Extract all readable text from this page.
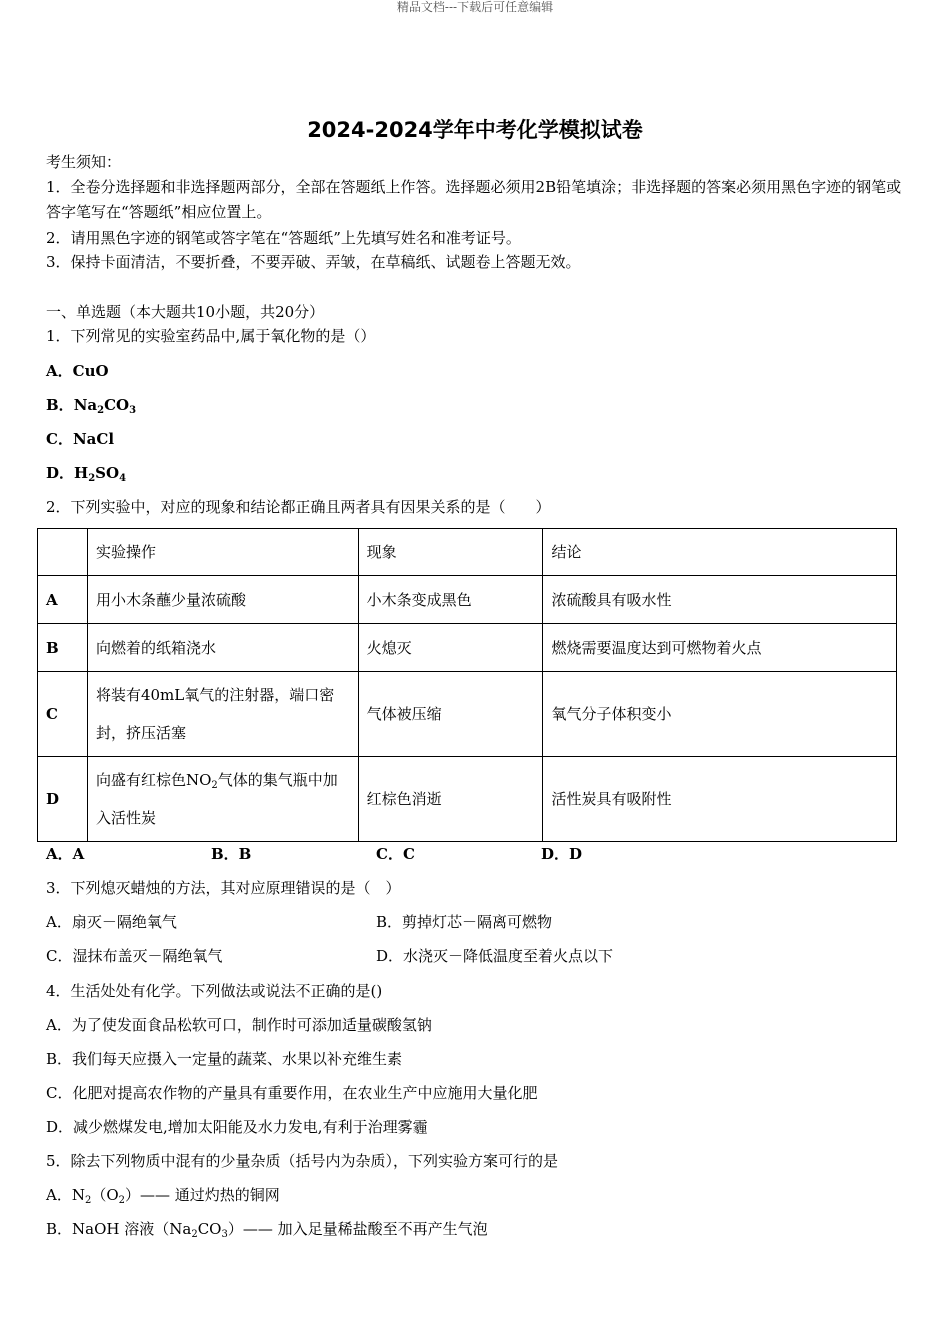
精品文档---下载后可任意编辑
2024-2024学年中考化学模拟试卷
考生须知：
1．全卷分选择题和非选择题两部分，全部在答题纸上作答。选择题必须用2B铅笔填涂；非选择题的答案必须用黑色字迹的钢笔或答字笔写在“答题纸”相应位置上。
2．请用黑色字迹的钢笔或答字笔在“答题纸”上先填写姓名和准考证号。
3．保持卡面清洁，不要折叠，不要弄破、弄皱，在草稿纸、试题卷上答题无效。
一、单选题（本大题共10小题，共20分）
1．下列常见的实验室药品中,属于氧化物的是（）
A．CuO
B．$Na_2CO_3$
C．NaCl
D．$H_2SO_4$
2．下列实验中，对应的现象和结论都正确且两者具有因果关系的是（　　）
	实验操作	现象	结论
A	用小木条蘸少量浓硫酸	小木条变成黑色	浓硫酸具有吸水性
B	向燃着的纸箱浇水	火熄灭	燃烧需要温度达到可燃物着火点
C	将装有40mL氧气的注射器，端口密封，挤压活塞	气体被压缩	氧气分子体积变小
D	向盛有红棕色$NO_2$气体的集气瓶中加入活性炭	红棕色消逝	活性炭具有吸附性
A．A	B．B	C．C	D．D
3．下列熄灭蜡烛的方法，其对应原理错误的是（　）
A．扇灭－隔绝氧气	B．剪掉灯芯－隔离可燃物
C．湿抹布盖灭－隔绝氧气	D．水浇灭－降低温度至着火点以下
4．生活处处有化学。下列做法或说法不正确的是()
A．为了使发面食品松软可口，制作时可添加适量碳酸氢钠
B．我们每天应摄入一定量的蔬菜、水果以补充维生素
C．化肥对提高农作物的产量具有重要作用，在农业生产中应施用大量化肥
D．减少燃煤发电,增加太阳能及水力发电,有利于治理雾霾
5．除去下列物质中混有的少量杂质（括号内为杂质），下列实验方案可行的是
A．$N_2(O_2)——$ 通过灼热的铜网
B．NaOH 溶液$(Na_2CO_3)——$ 加入足量稀盐酸至不再产生气泡
